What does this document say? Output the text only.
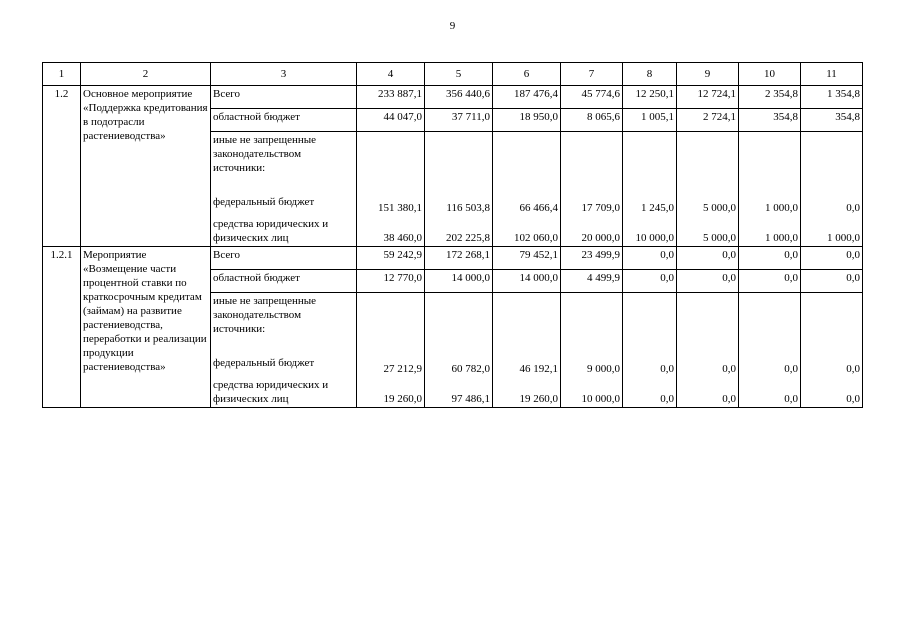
9
1	2	3	4	5	6	7	8	9	10	11
1.2	Основное мероприятие «Поддержка кредитования в подотрасли растениеводства»	Всего	233 887,1	356 440,6	187 476,4	45 774,6	12 250,1	12 724,1	2 354,8	1 354,8
		областной бюджет	44 047,0	37 711,0	18 950,0	8 065,6	1 005,1	2 724,1	354,8	354,8
		иные не запрещенные законодательством источники:								
		федеральный бюджет	151 380,1	116 503,8	66 466,4	17 709,0	1 245,0	5 000,0	1 000,0	0,0
		средства юридических и физических лиц	38 460,0	202 225,8	102 060,0	20 000,0	10 000,0	5 000,0	1 000,0	1 000,0
1.2.1	Мероприятие «Возмещение части процентной ставки по краткосрочным кредитам (займам) на развитие растениеводства, переработки и реализации продукции растениеводства»	Всего	59 242,9	172 268,1	79 452,1	23 499,9	0,0	0,0	0,0	0,0
		областной бюджет	12 770,0	14 000,0	14 000,0	4 499,9	0,0	0,0	0,0	0,0
		иные не запрещенные законодательством источники:								
		федеральный бюджет	27 212,9	60 782,0	46 192,1	9 000,0	0,0	0,0	0,0	0,0
		средства юридических и физических лиц	19 260,0	97 486,1	19 260,0	10 000,0	0,0	0,0	0,0	0,0
